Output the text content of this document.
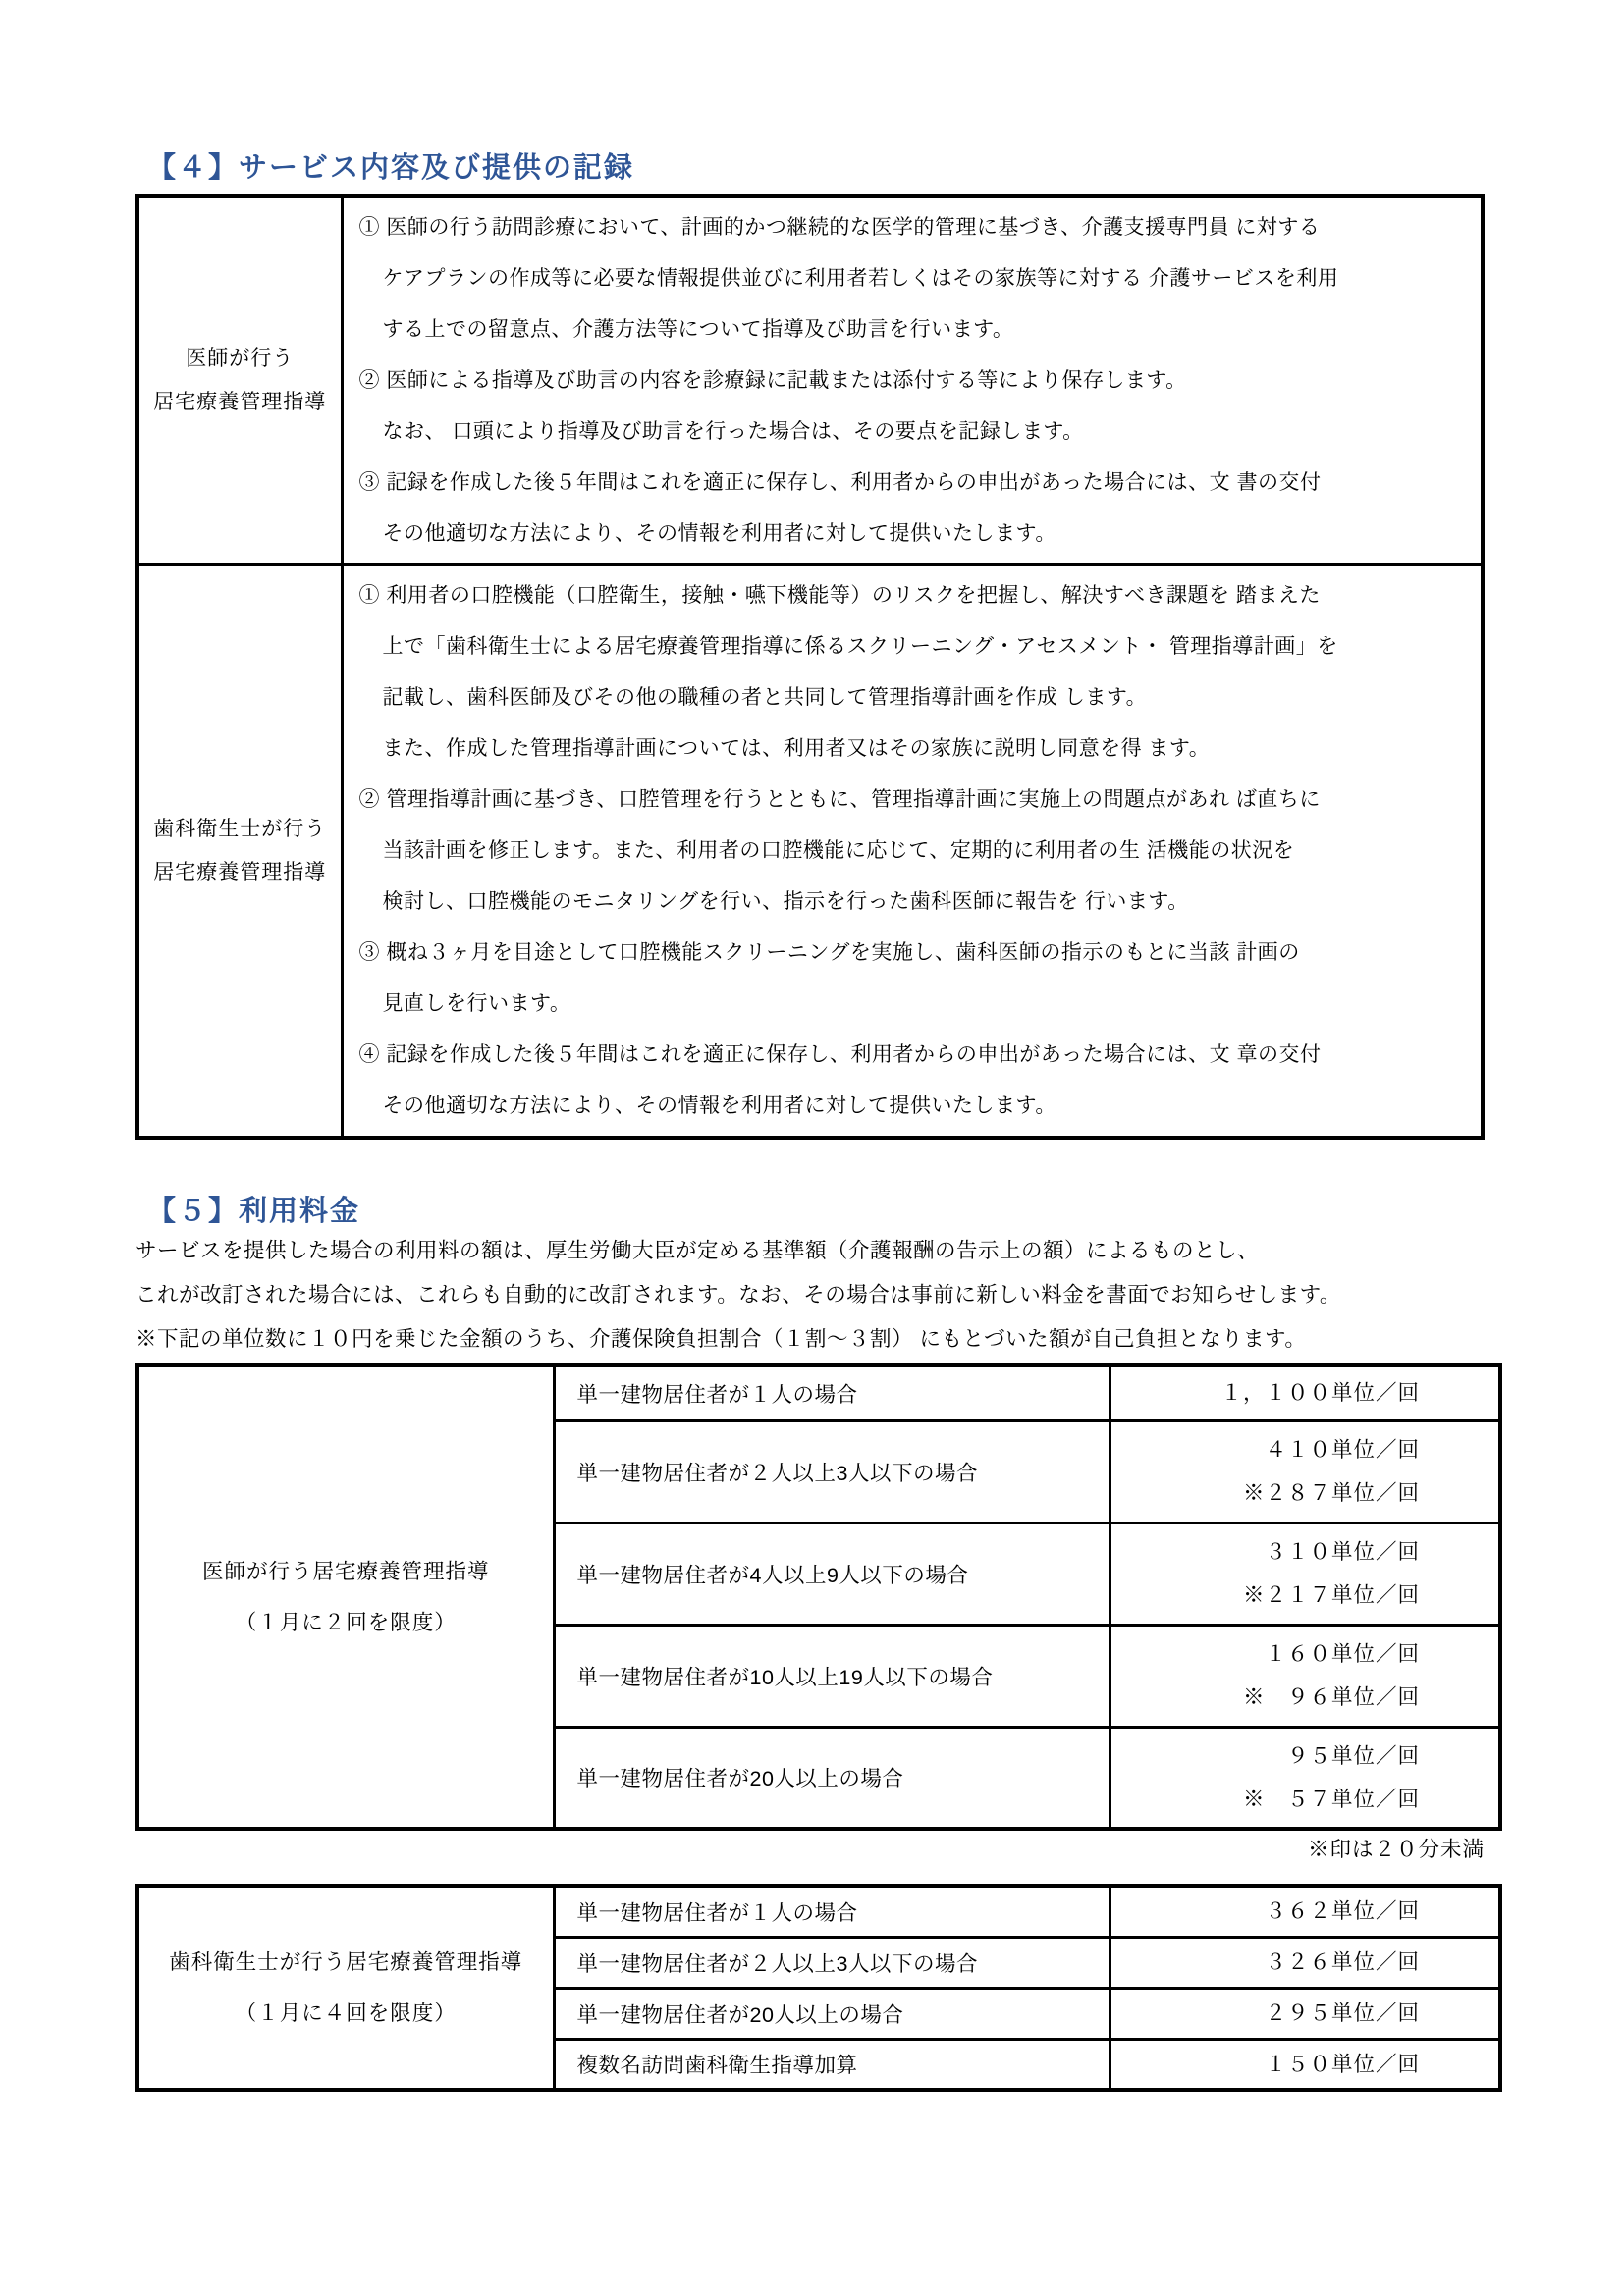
【４】サービス内容及び提供の記録
医師が行う
居宅療養管理指導

① 医師の行う訪問診療において、計画的かつ継続的な医学的管理に基づき、介護支援専門員 に対する
ケアプランの作成等に必要な情報提供並びに利用者若しくはその家族等に対する 介護サービスを利用
する上での留意点、介護方法等について指導及び助言を行います。
② 医師による指導及び助言の内容を診療録に記載または添付する等により保存します。
なお、 口頭により指導及び助言を行った場合は、その要点を記録します。
③ 記録を作成した後５年間はこれを適正に保存し、利用者からの申出があった場合には、文 書の交付
その他適切な方法により、その情報を利用者に対して提供いたします。

歯科衛生士が行う
居宅療養管理指導

① 利用者の口腔機能（口腔衛生，接触・嚥下機能等）のリスクを把握し、解決すべき課題を 踏まえた
上で「歯科衛生士による居宅療養管理指導に係るスクリーニング・アセスメント・ 管理指導計画」を
記載し、歯科医師及びその他の職種の者と共同して管理指導計画を作成 します。
また、作成した管理指導計画については、利用者又はその家族に説明し同意を得 ます。
② 管理指導計画に基づき、口腔管理を行うとともに、管理指導計画に実施上の問題点があれ ば直ちに
当該計画を修正します。また、利用者の口腔機能に応じて、定期的に利用者の生 活機能の状況を
検討し、口腔機能のモニタリングを行い、指示を行った歯科医師に報告を 行います。
③ 概ね３ヶ月を目途として口腔機能スクリーニングを実施し、歯科医師の指示のもとに当該 計画の
見直しを行います。
④ 記録を作成した後５年間はこれを適正に保存し、利用者からの申出があった場合には、文 章の交付
その他適切な方法により、その情報を利用者に対して提供いたします。
【５】利用料金
サービスを提供した場合の利用料の額は、厚生労働大臣が定める基準額（介護報酬の告示上の額）によるものとし、
これが改訂された場合には、これらも自動的に改訂されます。なお、その場合は事前に新しい料金を書面でお知らせします。
※下記の単位数に１０円を乗じた金額のうち、介護保険負担割合（１割～３割） にもとづいた額が自己負担となります。
医師が行う居宅療養管理指導
（１月に２回を限度）	単一建物居住者が１人の場合	１，１００単位／回

	単一建物居住者が２人以上3人以下の場合	４１０単位／回
※２８７単位／回

	単一建物居住者が4人以上9人以下の場合	３１０単位／回
※２１７単位／回

	単一建物居住者が10人以上19人以下の場合	１６０単位／回
※　９６単位／回

	単一建物居住者が20人以上の場合	９５単位／回
※　５７単位／回
※印は２０分未満
歯科衛生士が行う居宅療養管理指導
（１月に４回を限度）	単一建物居住者が１人の場合	３６２単位／回

	単一建物居住者が２人以上3人以下の場合	３２６単位／回

	単一建物居住者が20人以上の場合	２９５単位／回

	複数名訪問歯科衛生指導加算	１５０単位／回
